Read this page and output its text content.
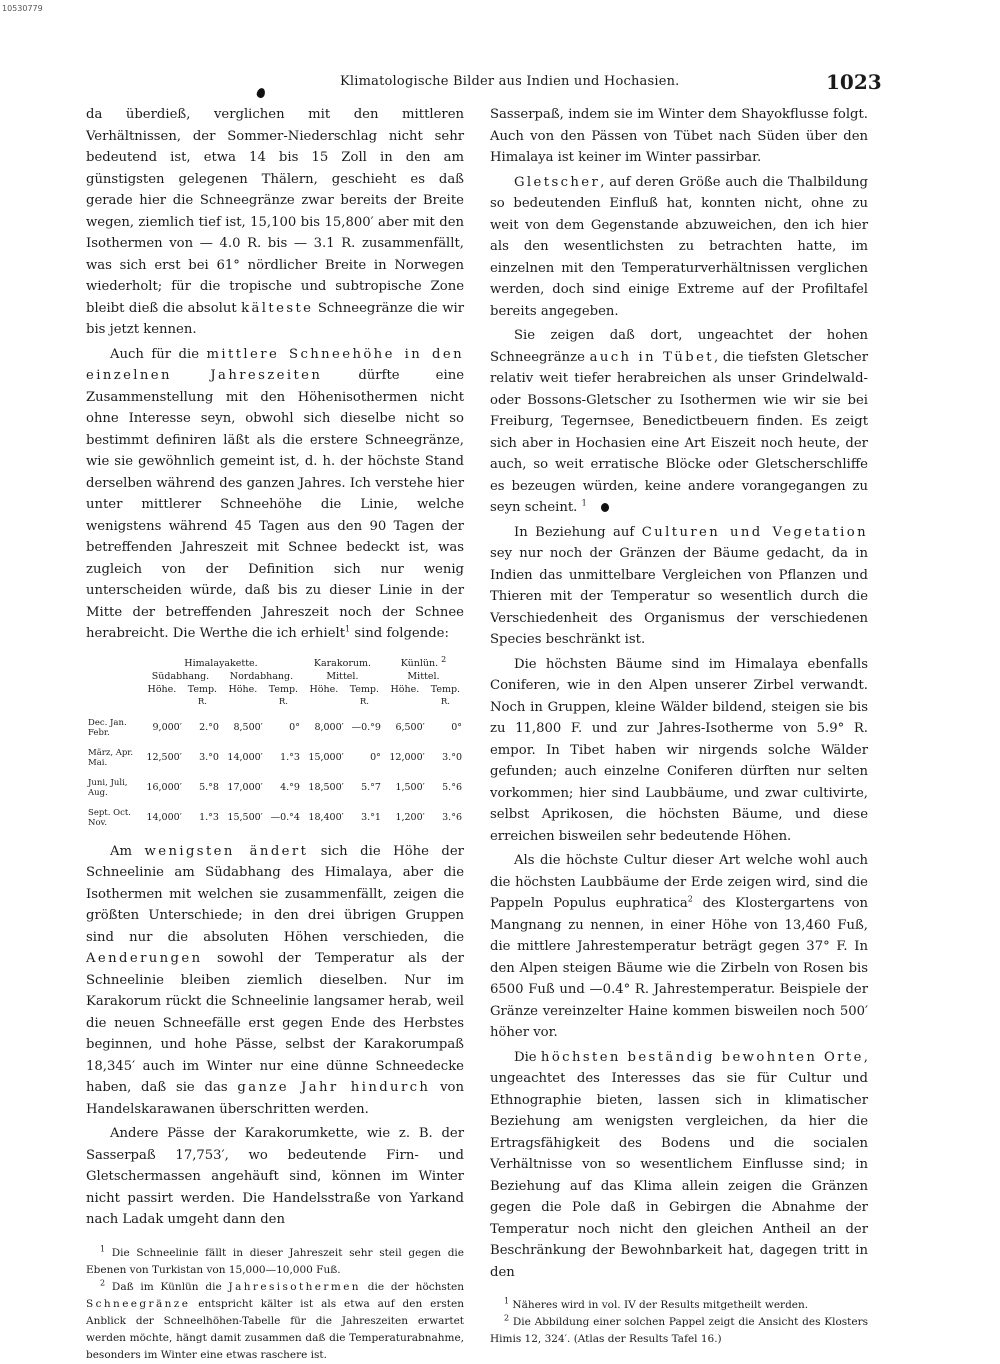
10530779
Klimatologische Bilder aus Indien und Hochasien.	1023

da überdieß, verglichen mit den mittleren Verhältnissen, der Sommer-Niederschlag nicht sehr bedeutend ist, etwa 14 bis 15 Zoll in den am günstigsten gelegenen Thälern, geschieht es daß gerade hier die Schneegränze zwar bereits der Breite wegen, ziemlich tief ist, 15,100 bis 15,800′ aber mit den Isothermen von — 4.0 R. bis — 3.1 R. zusammenfällt, was sich erst bei 61° nördlicher Breite in Norwegen wiederholt; für die tropische und subtropische Zone bleibt dieß die absolut kälteste Schneegränze die wir bis jetzt kennen.

Auch für die mittlere Schneehöhe in den einzelnen Jahreszeiten dürfte eine Zusammenstellung mit den Höhenisothermen nicht ohne Interesse seyn, obwohl sich dieselbe nicht so bestimmt definiren läßt als die erstere Schneegränze, wie sie gewöhnlich gemeint ist, d. h. der höchste Stand derselben während des ganzen Jahres. Ich verstehe hier unter mittlerer Schneehöhe die Linie, welche wenigstens während 45 Tagen aus den 90 Tagen der betreffenden Jahreszeit mit Schnee bedeckt ist, was zugleich von der Definition sich nur wenig unterscheiden würde, daß bis zu dieser Linie in der Mitte der betreffenden Jahreszeit noch der Schnee herabreicht. Die Werthe die ich erhielt$^1$ sind folgende:

	Himalayakette.				Karakorum.		Künlün. $^2$
	Südabhang.		Nordabhang.		Mittel.		Mittel.	
	Höhe.	Temp.	Höhe.	Temp.	Höhe.	Temp.	Höhe.	Temp.
		R.		R.		R.		R.
Dec. Jan. Febr.	9,000′	2.°0	8,500′	0°	8,000′	—0.°9	6,500′	0°
März, Apr. Mai.	12,500′	3.°0	14,000′	1.°3	15,000′	0°	12,000′	3.°0
Juni, Juli, Aug.	16,000′	5.°8	17,000′	4.°9	18,500′	5.°7	1,500′	5.°6
Sept. Oct. Nov.	14,000′	1.°3	15,500′	—0.°4	18,400′	3.°1	1,200′	3.°6

Am wenigsten ändert sich die Höhe der Schneelinie am Südabhang des Himalaya, aber die Isothermen mit welchen sie zusammenfällt, zeigen die größten Unterschiede; in den drei übrigen Gruppen sind nur die absoluten Höhen verschieden, die Aenderungen sowohl der Temperatur als der Schneelinie bleiben ziemlich dieselben. Nur im Karakorum rückt die Schneelinie langsamer herab, weil die neuen Schneefälle erst gegen Ende des Herbstes beginnen, und hohe Pässe, selbst der Karakorumpaß 18,345′ auch im Winter nur eine dünne Schneedecke haben, daß sie das ganze Jahr hindurch von Handelskarawanen überschritten werden.

Andere Pässe der Karakorumkette, wie z. B. der Sasserpaß 17,753′, wo bedeutende Firn- und Gletschermassen angehäuft sind, können im Winter nicht passirt werden. Die Handelsstraße von Yarkand nach Ladak umgeht dann den

$^1$ Die Schneelinie fällt in dieser Jahreszeit sehr steil gegen die Ebenen von Turkistan von 15,000—10,000 Fuß.

$^2$ Daß im Künlün die Jahresisothermen die der höchsten Schneegränze entspricht kälter ist als etwa auf den ersten Anblick der Schneelhöhen-Tabelle für die Jahreszeiten erwartet werden möchte, hängt damit zusammen daß die Temperaturabnahme, besonders im Winter eine etwas raschere ist.

Sasserpaß, indem sie im Winter dem Shayokflusse folgt. Auch von den Pässen von Tübet nach Süden über den Himalaya ist keiner im Winter passirbar.

Gletscher, auf deren Größe auch die Thalbildung so bedeutenden Einfluß hat, konnten nicht, ohne zu weit von dem Gegenstande abzuweichen, den ich hier als den wesentlichsten zu betrachten hatte, im einzelnen mit den Temperaturverhältnissen verglichen werden, doch sind einige Extreme auf der Profiltafel bereits angegeben.

Sie zeigen daß dort, ungeachtet der hohen Schneegränze auch in Tübet, die tiefsten Gletscher relativ weit tiefer herabreichen als unser Grindelwald- oder Bossons-Gletscher zu Isothermen wie wir sie bei Freiburg, Tegernsee, Benedictbeuern finden. Es zeigt sich aber in Hochasien eine Art Eiszeit noch heute, der auch, so weit erratische Blöcke oder Gletscherschliffe es bezeugen würden, keine andere vorangegangen zu seyn scheint. $^1$

In Beziehung auf Culturen und Vegetation sey nur noch der Gränzen der Bäume gedacht, da in Indien das unmittelbare Vergleichen von Pflanzen und Thieren mit der Temperatur so wesentlich durch die Verschiedenheit des Organismus der verschiedenen Species beschränkt ist.

Die höchsten Bäume sind im Himalaya ebenfalls Coniferen, wie in den Alpen unserer Zirbel verwandt. Noch in Gruppen, kleine Wälder bildend, steigen sie bis zu 11,800 F. und zur Jahres-Isotherme von 5.9° R. empor. In Tibet haben wir nirgends solche Wälder gefunden; auch einzelne Coniferen dürften nur selten vorkommen; hier sind Laubbäume, und zwar cultivirte, selbst Aprikosen, die höchsten Bäume, und diese erreichen bisweilen sehr bedeutende Höhen.

Als die höchste Cultur dieser Art welche wohl auch die höchsten Laubbäume der Erde zeigen wird, sind die Pappeln Populus euphratica$^2$ des Klostergartens von Mangnang zu nennen, in einer Höhe von 13,460 Fuß, die mittlere Jahrestemperatur beträgt gegen 37° F. In den Alpen steigen Bäume wie die Zirbeln von Rosen bis 6500 Fuß und —0.4° R. Jahrestemperatur. Beispiele der Gränze vereinzelter Haine kommen bisweilen noch 500′ höher vor.

Die höchsten beständig bewohnten Orte, ungeachtet des Interesses das sie für Cultur und Ethnographie bieten, lassen sich in klimatischer Beziehung am wenigsten vergleichen, da hier die Ertragsfähigkeit des Bodens und die socialen Verhältnisse von so wesentlichem Einflusse sind; in Beziehung auf das Klima allein zeigen die Gränzen gegen die Pole daß in Gebirgen die Abnahme der Temperatur noch nicht den gleichen Antheil an der Beschränkung der Bewohnbarkeit hat, dagegen tritt in den

$^1$ Näheres wird in vol. IV der Results mitgetheilt werden.

$^2$ Die Abbildung einer solchen Pappel zeigt die Ansicht des Klosters Himis 12, 324′. (Atlas der Results Tafel 16.)
